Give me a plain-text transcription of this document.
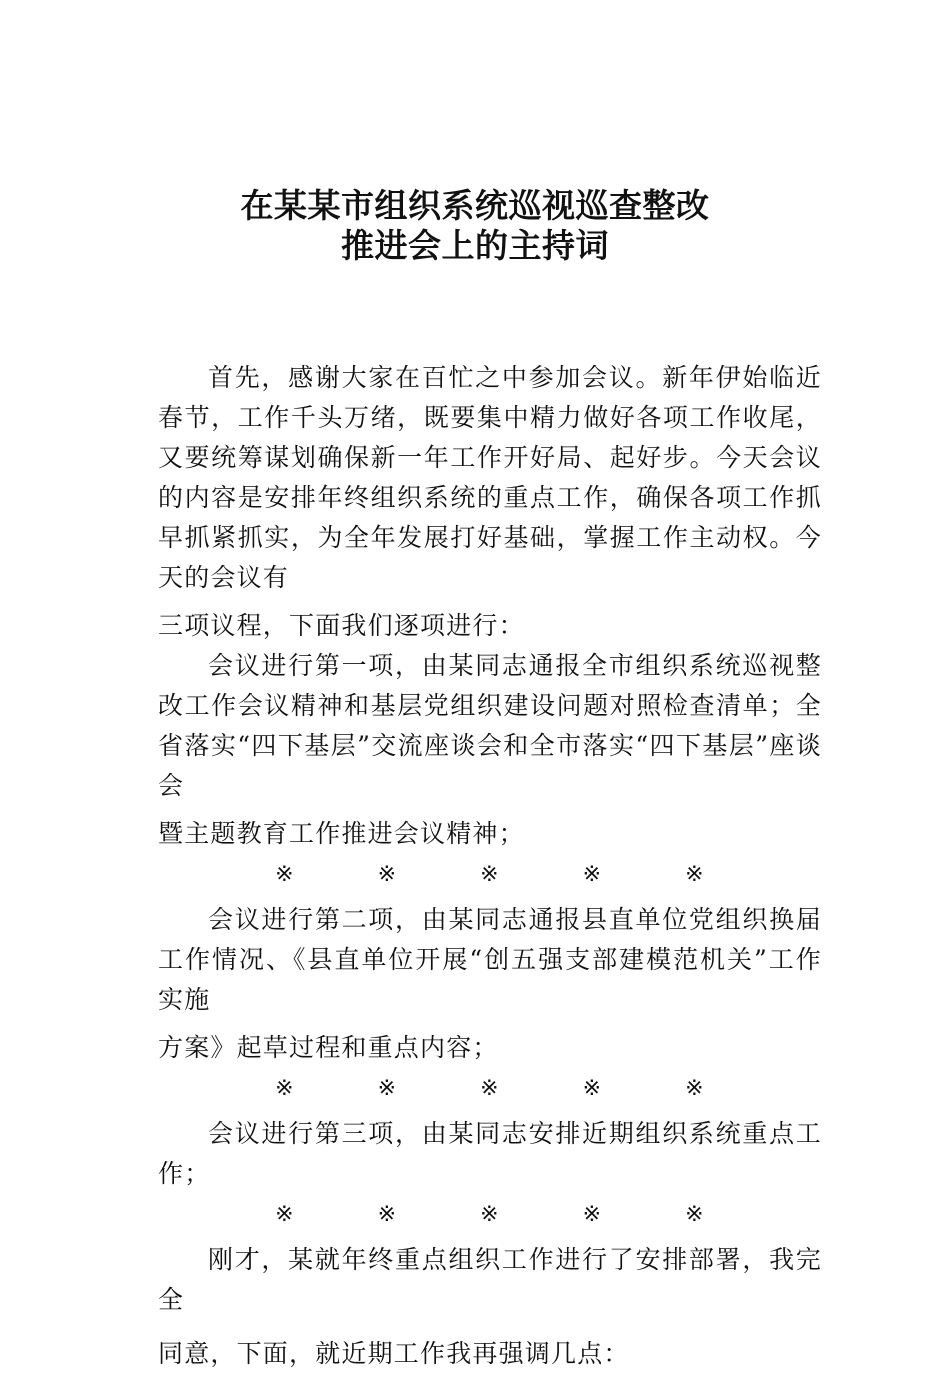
在某某市组织系统巡视巡查整改
推进会上的主持词

首先，感谢大家在百忙之中参加会议。新年伊始临近春节，工作千头万绪，既要集中精力做好各项工作收尾，又要统筹谋划确保新一年工作开好局、起好步。今天会议的内容是安排年终组织系统的重点工作，确保各项工作抓早抓紧抓实，为全年发展打好基础，掌握工作主动权。今天的会议有

三项议程，下面我们逐项进行：

会议进行第一项，由某同志通报全市组织系统巡视整改工作会议精神和基层党组织建设问题对照检查清单；全省落实“四下基层”交流座谈会和全市落实“四下基层”座谈会

暨主题教育工作推进会议精神；

※	※	※	※	※

会议进行第二项，由某同志通报县直单位党组织换届工作情况、《县直单位开展“创五强支部建模范机关”工作实施

方案》起草过程和重点内容；

※	※	※	※	※

会议进行第三项，由某同志安排近期组织系统重点工作；

※	※	※	※	※

刚才，某就年终重点组织工作进行了安排部署，我完全

同意，下面，就近期工作我再强调几点：
